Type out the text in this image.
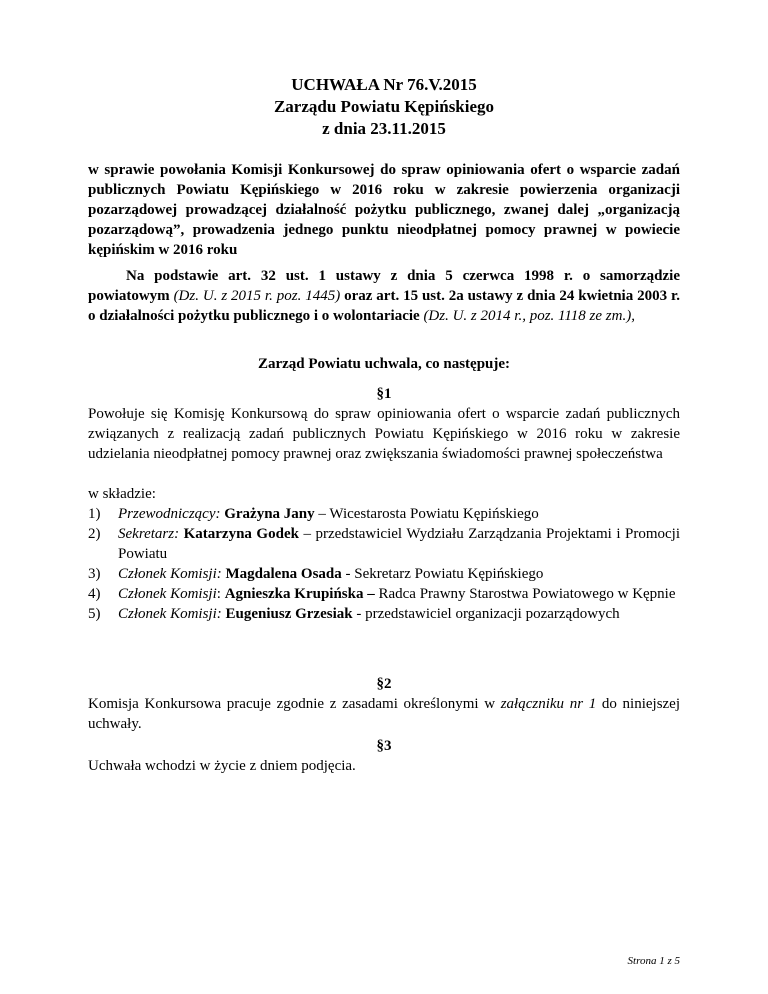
UCHWAŁA Nr 76.V.2015
Zarządu Powiatu Kępińskiego
z dnia 23.11.2015
w sprawie powołania Komisji Konkursowej do spraw opiniowania ofert o wsparcie zadań publicznych Powiatu Kępińskiego w 2016 roku w zakresie powierzenia organizacji pozarządowej prowadzącej działalność pożytku publicznego, zwanej dalej „organizacją pozarządową”, prowadzenia jednego punktu nieodpłatnej pomocy prawnej w powiecie kępińskim w 2016 roku
Na podstawie art. 32 ust. 1 ustawy z dnia 5 czerwca 1998 r. o samorządzie powiatowym (Dz. U. z 2015 r. poz. 1445) oraz art. 15 ust. 2a ustawy z dnia 24 kwietnia 2003 r. o działalności pożytku publicznego i o wolontariacie (Dz. U. z 2014 r., poz. 1118 ze zm.),
Zarząd Powiatu uchwala, co następuje:
§1
Powołuje się Komisję Konkursową do spraw opiniowania ofert o wsparcie zadań publicznych związanych z realizacją zadań publicznych Powiatu Kępińskiego w 2016 roku w zakresie udzielania nieodpłatnej pomocy prawnej oraz zwiększania świadomości prawnej społeczeństwa
w składzie:
1) Przewodniczący: Grażyna Jany – Wicestarosta Powiatu Kępińskiego
2) Sekretarz: Katarzyna Godek – przedstawiciel Wydziału Zarządzania Projektami i Promocji Powiatu
3) Członek Komisji: Magdalena Osada - Sekretarz Powiatu Kępińskiego
4) Członek Komisji: Agnieszka Krupińska – Radca Prawny Starostwa Powiatowego w Kępnie
5) Członek Komisji: Eugeniusz Grzesiak - przedstawiciel organizacji pozarządowych
§2
Komisja Konkursowa pracuje zgodnie z zasadami określonymi w załączniku nr 1 do niniejszej uchwały.
§3
Uchwała wchodzi w życie z dniem podjęcia.
Strona 1 z 5
